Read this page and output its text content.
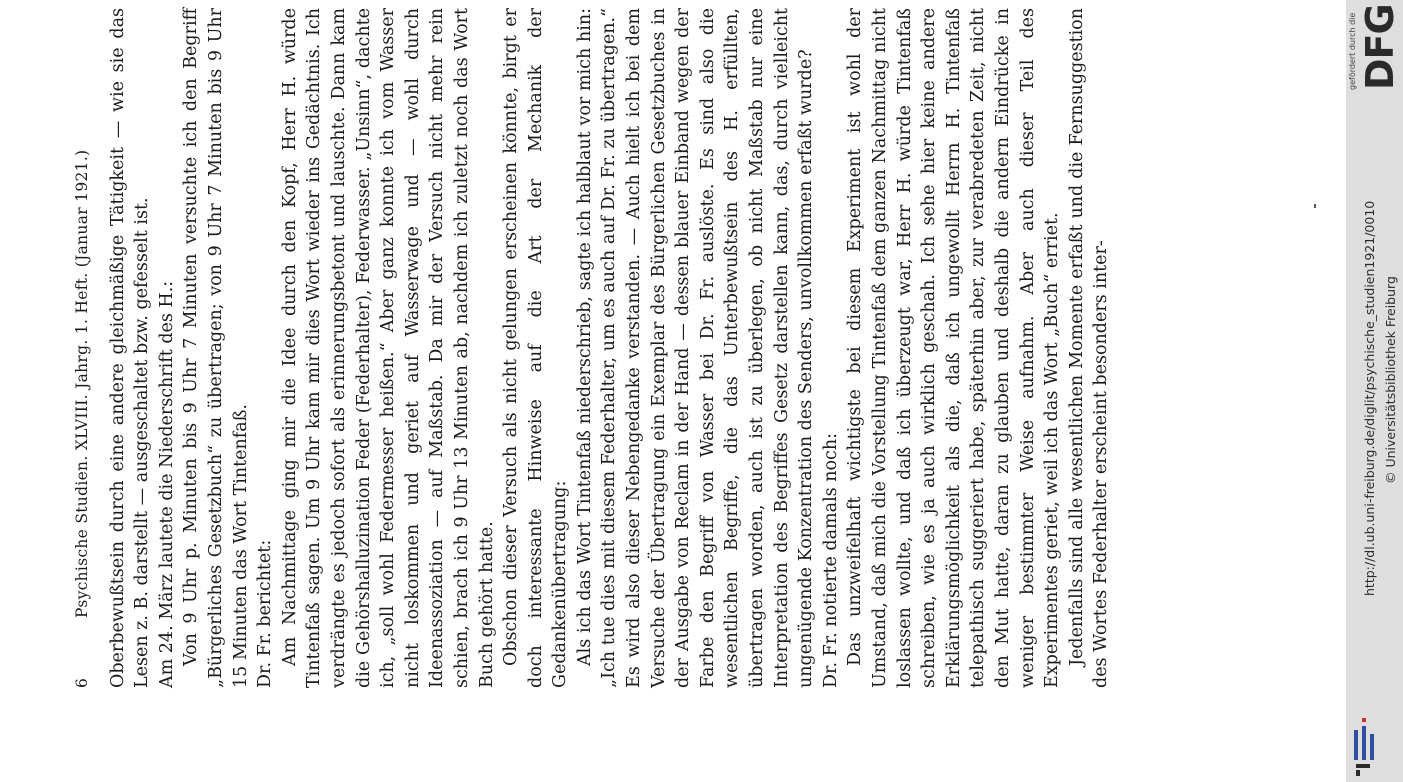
6
Psychische Studien. XLVIII. Jahrg. 1. Heft. (Januar 1921.) Oberbewußtsein durch eine andere gleichmäßige Tätigkeit — wie sie das Lesen z. B. darstellt — ausgeschaltet bzw. gefesselt ist. Am 24. März lautete die Niederschrift des H.: Von 9 Uhr p. Minuten bis 9 Uhr 7 Minuten versuchte ich den Begriff „Bürgerliches Gesetzbuch“ zu übertragen; von 9 Uhr 7 Minuten bis 9 Uhr 15 Minuten das Wort Tintenfaß. Dr. Fr. berichtet: Am Nachmittage ging mir die Idee durch den Kopf, Herr H. würde Tintenfaß sagen. Um 9 Uhr kam mir dies Wort wieder ins Gedächtnis. Ich verdrängte es jedoch sofort als erinnerungsbetont und lauschte. Dann kam die Gehörshalluzination Feder (Federhalter), Federwasser. „Unsinn“, dachte ich, „soll wohl Federmesser heißen.“ Aber ganz konnte ich vom Wasser nicht loskommen und geriet auf Wasserwage und — wohl durch Ideenassoziation — auf Maßstab. Da mir der Versuch nicht mehr rein schien, brach ich 9 Uhr 13 Minuten ab, nachdem ich zuletzt noch das Wort Buch gehört hatte. Obschon dieser Versuch als nicht gelungen erscheinen könnte, birgt er doch interessante Hinweise auf die Art der Mechanik der Gedankenübertragung: Als ich das Wort Tintenfaß niederschrieb, sagte ich halblaut vor mich hin: „Ich tue dies mit diesem Federhalter, um es auch auf Dr. Fr. zu übertragen.“ Es wird also dieser Nebengedanke verstanden. — Auch hielt ich bei dem Versuche der Übertragung ein Exemplar des Bürgerlichen Gesetzbuches in der Ausgabe von Reclam in der Hand — dessen blauer Einband wegen der Farbe den Begriff von Wasser bei Dr. Fr. auslöste. Es sind also die wesentlichen Begriffe, die das Unterbewußtsein des H. erfüllten, übertragen worden, auch ist zu überlegen, ob nicht Maßstab nur eine Interpretation des Begriffes Gesetz darstellen kann, das, durch vielleicht ungenügende Konzentration des Senders, unvollkommen erfaßt wurde? Dr. Fr. notierte damals noch: Das unzweifelhaft wichtigste bei diesem Experiment ist wohl der Umstand, daß mich die Vorstellung Tintenfaß dem ganzen Nachmittag nicht loslassen wollte, und daß ich überzeugt war, Herr H. würde Tintenfaß schreiben, wie es ja auch wirklich geschah. Ich sehe hier keine andere Erklärungsmöglichkeit als die, daß ich ungewollt Herrn H. Tintenfaß telepathisch suggeriert habe, späterhin aber, zur verabredeten Zeit, nicht den Mut hatte, daran zu glauben und deshalb die andern Eindrücke in weniger bestimmter Weise aufnahm. Aber auch dieser Teil des Experimentes geriet, weil ich das Wort „Buch“ erriet. Jedenfalls sind alle wesentlichen Momente erfaßt und die Fernsuggestion des Wortes Federhalter erscheint besonders inter-

gefördert durch die DFG
http://dl.ub.uni-freiburg.de/diglit/psychische_studien1921/0010 © Universitätsbibliothek Freiburg
